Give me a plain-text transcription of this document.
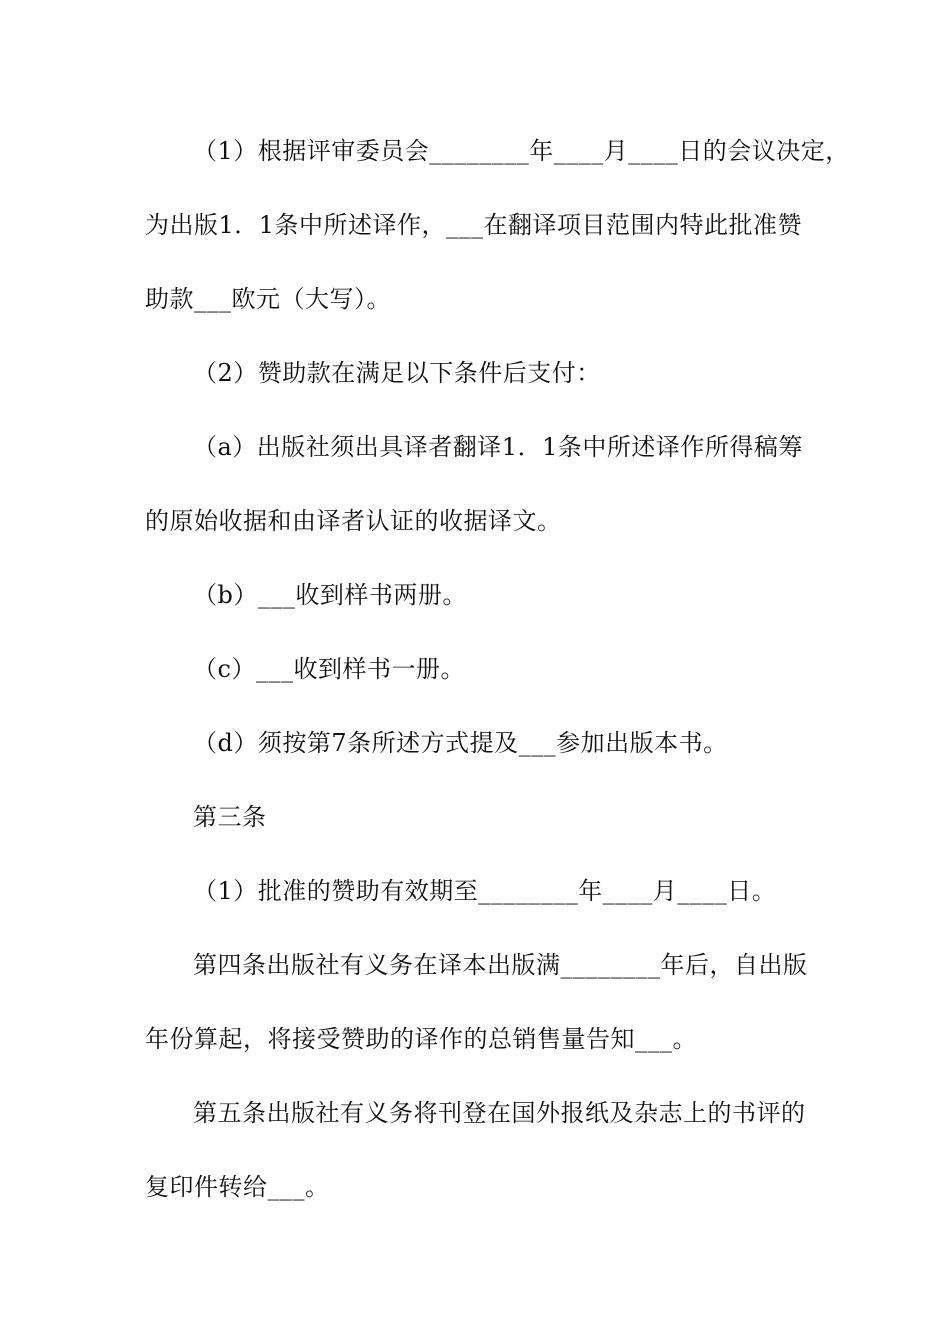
（1）根据评审委员会________年____月____日的会议决定，

为出版1．1条中所述译作，___在翻译项目范围内特此批准赞

助款___欧元（大写）。

（2）赞助款在满足以下条件后支付：

（a）出版社须出具译者翻译1．1条中所述译作所得稿筹

的原始收据和由译者认证的收据译文。

（b）___收到样书两册。

（c）___收到样书一册。

（d）须按第7条所述方式提及___参加出版本书。

第三条

（1）批准的赞助有效期至________年____月____日。

第四条出版社有义务在译本出版满________年后，自出版

年份算起，将接受赞助的译作的总销售量告知___。

第五条出版社有义务将刊登在国外报纸及杂志上的书评的

复印件转给___。
